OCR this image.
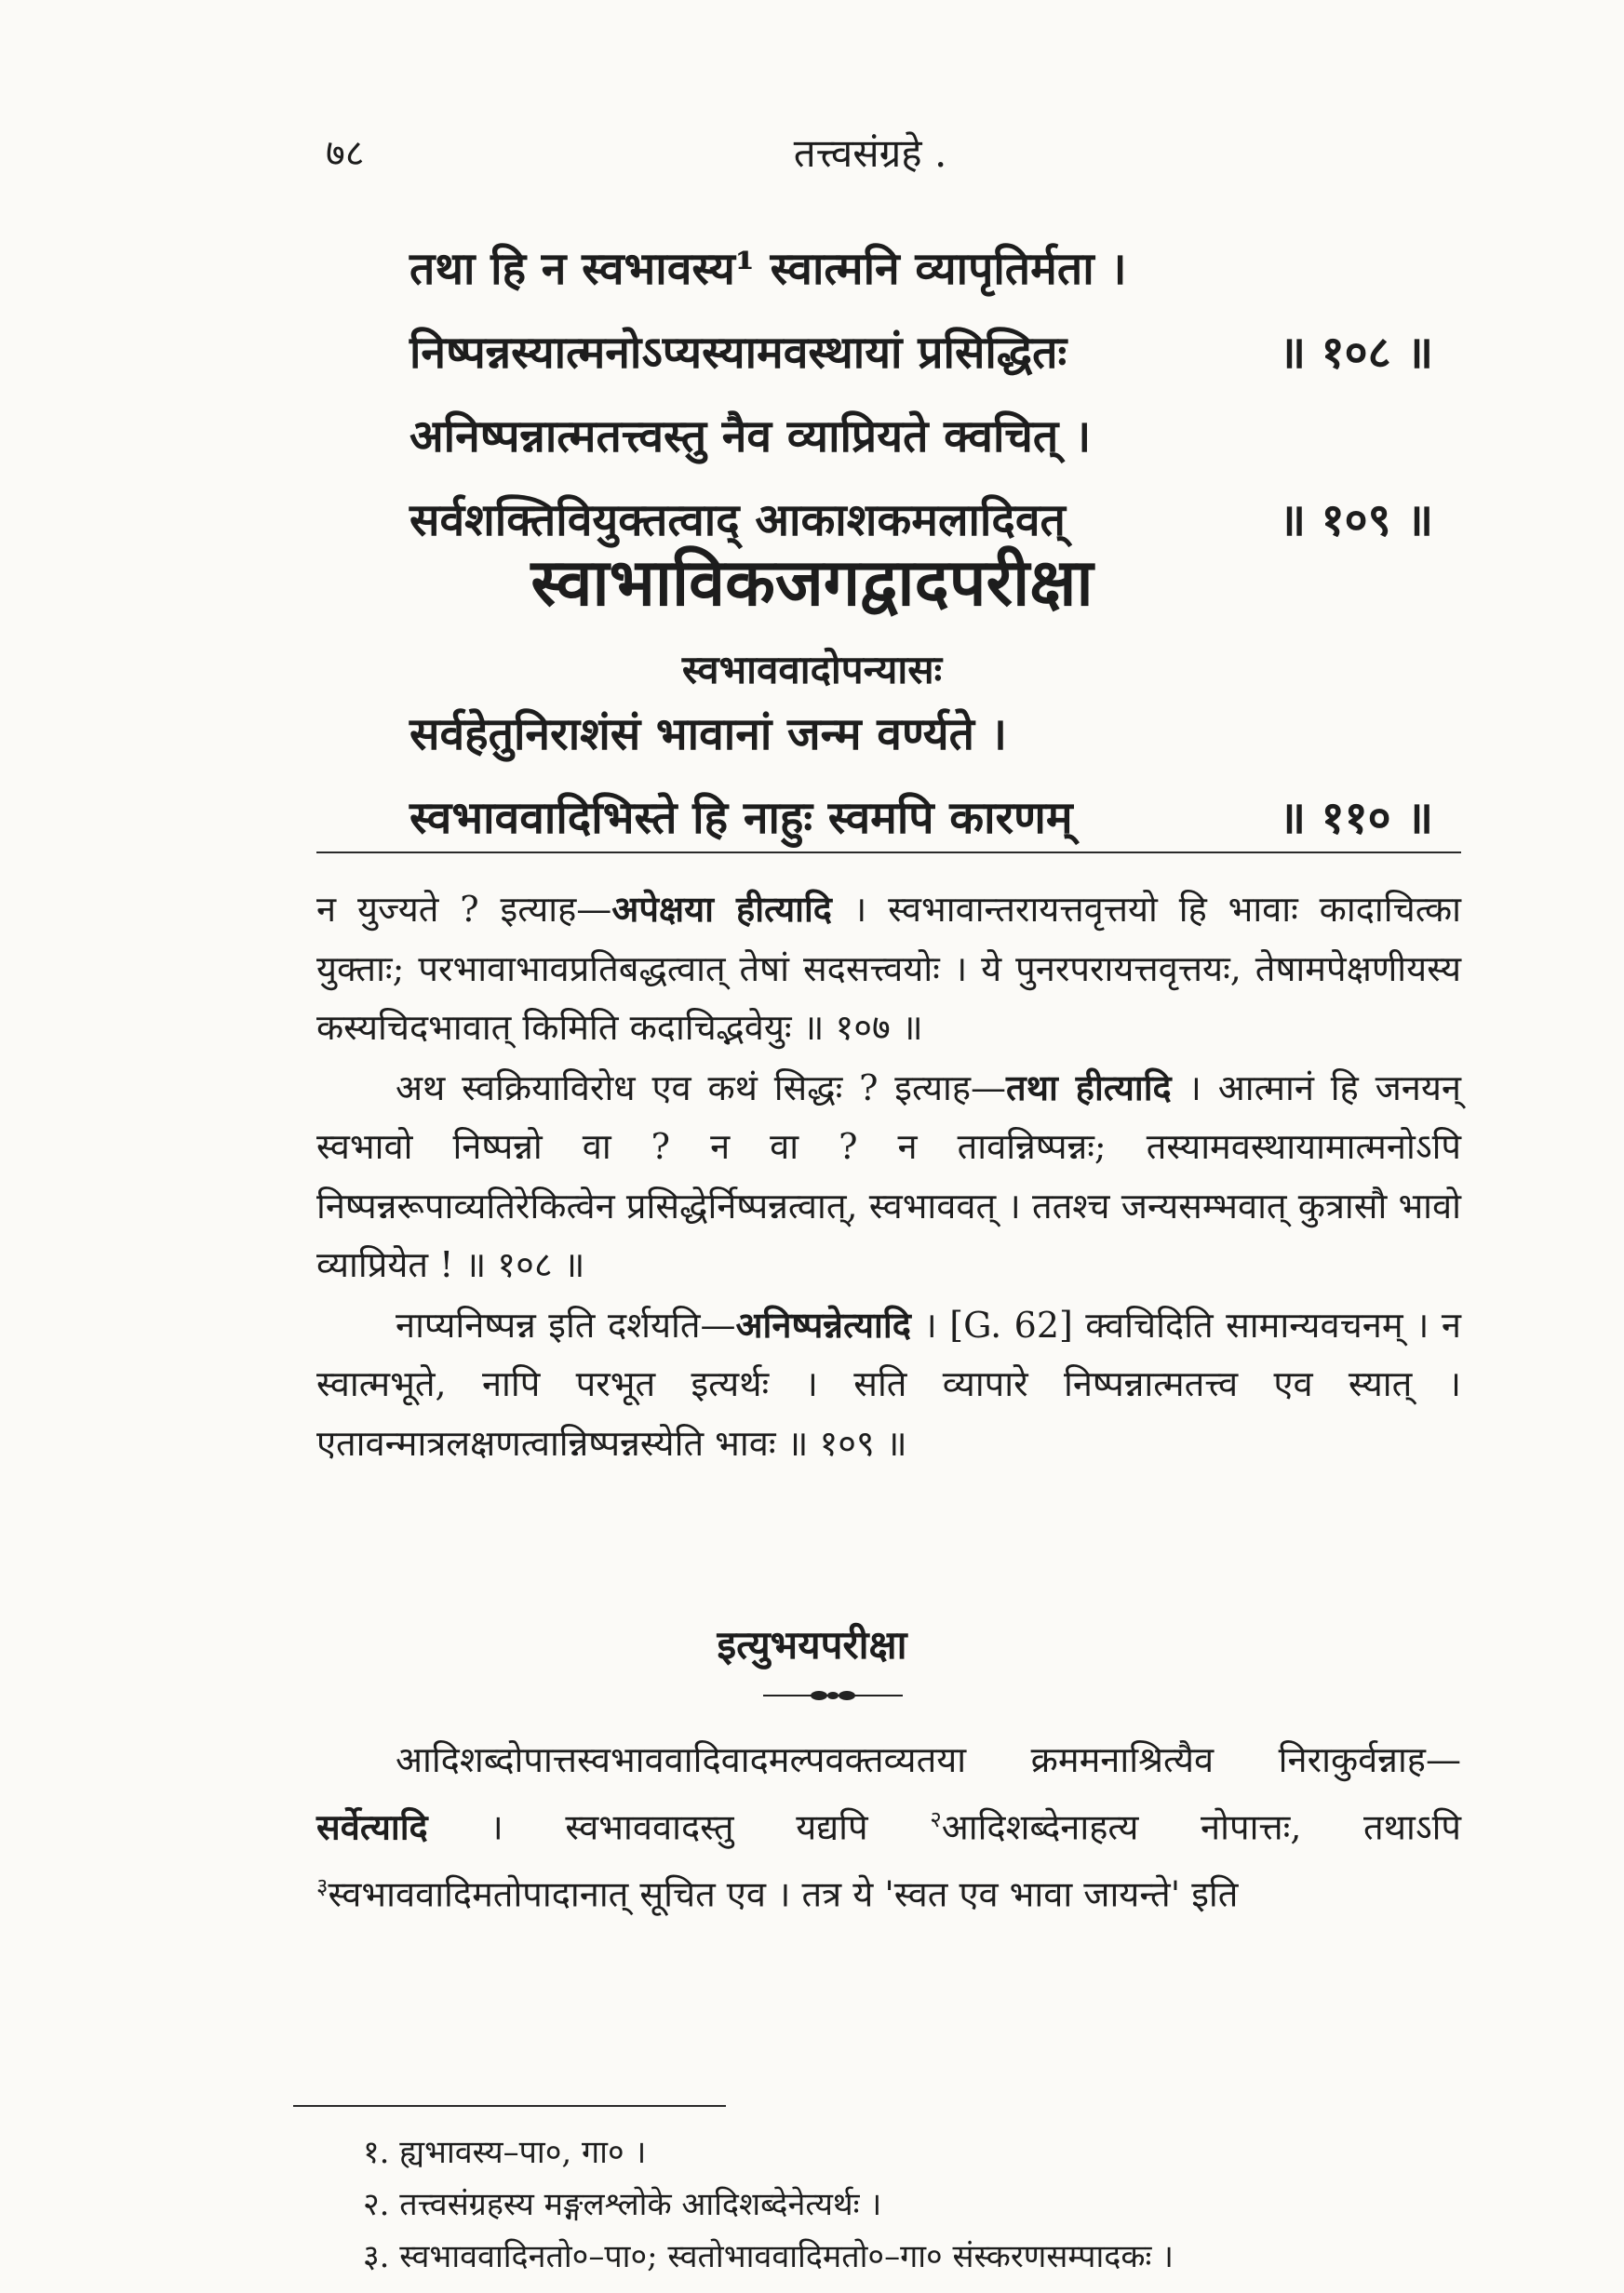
७८	तत्त्वसंग्रहे .
तथा हि न स्वभावस्य¹ स्वात्मनि व्यापृतिर्मता ।
निष्पन्नस्यात्मनोऽप्यस्यामवस्थायां प्रसिद्धितः	॥ १०८ ॥
अनिष्पन्नात्मतत्त्वस्तु नैव व्याप्रियते क्वचित् ।
सर्वशक्तिवियुक्तत्वाद् आकाशकमलादिवत्	॥ १०९ ॥
स्वाभाविकजगद्वादपरीक्षा
स्वभाववादोपन्यासः
सर्वहेतुनिराशंसं भावानां जन्म वर्ण्यते ।
स्वभाववादिभिस्ते हि नाहुः स्वमपि कारणम्	॥ ११० ॥

न युज्यते ? इत्याह—अपेक्षया हीत्यादि । स्वभावान्तरायत्तवृत्तयो हि भावाः कादाचित्का युक्ताः; परभावाभावप्रतिबद्धत्वात् तेषां सदसत्त्वयोः । ये पुनरपरायत्तवृत्तयः, तेषामपेक्षणीयस्य कस्यचिदभावात् किमिति कदाचिद्भवेयुः ॥ १०७ ॥

अथ स्वक्रियाविरोध एव कथं सिद्धः ? इत्याह—तथा हीत्यादि । आत्मानं हि जनयन् स्वभावो निष्पन्नो वा ? न वा ? न तावन्निष्पन्नः; तस्यामवस्थायामात्मनोऽपि निष्पन्नरूपाव्यतिरेकित्वेन प्रसिद्धेर्निष्पन्नत्वात्, स्वभाववत् । ततश्च जन्यसम्भवात् कुत्रासौ भावो व्याप्रियेत ! ॥ १०८ ॥

नाप्यनिष्पन्न इति दर्शयति—अनिष्पन्नेत्यादि । [G. 62] क्वचिदिति सामान्यवचनम् । न स्वात्मभूते, नापि परभूत इत्यर्थः । सति व्यापारे निष्पन्नात्मतत्त्व एव स्यात् । एतावन्मात्रलक्षणत्वान्निष्पन्नस्येति भावः ॥ १०९ ॥

इत्युभयपरीक्षा

आदिशब्दोपात्तस्वभाववादिवादमल्पवक्तव्यतया क्रममनाश्रित्यैव निराकुर्वन्नाह—सर्वेत्यादि । स्वभाववादस्तु यद्यपि $^२$आदिशब्देनाहत्य नोपात्तः, तथाऽपि $^३$स्वभाववादिमतोपादानात् सूचित एव । तत्र ये 'स्वत एव भावा जायन्ते' इति

१. ह्यभावस्य–पा०, गा० ।
२. तत्त्वसंग्रहस्य मङ्गलश्लोके आदिशब्देनेत्यर्थः ।
३. स्वभाववादिनतो०–पा०; स्वतोभाववादिमतो०–गा० संस्करणसम्पादकः ।
